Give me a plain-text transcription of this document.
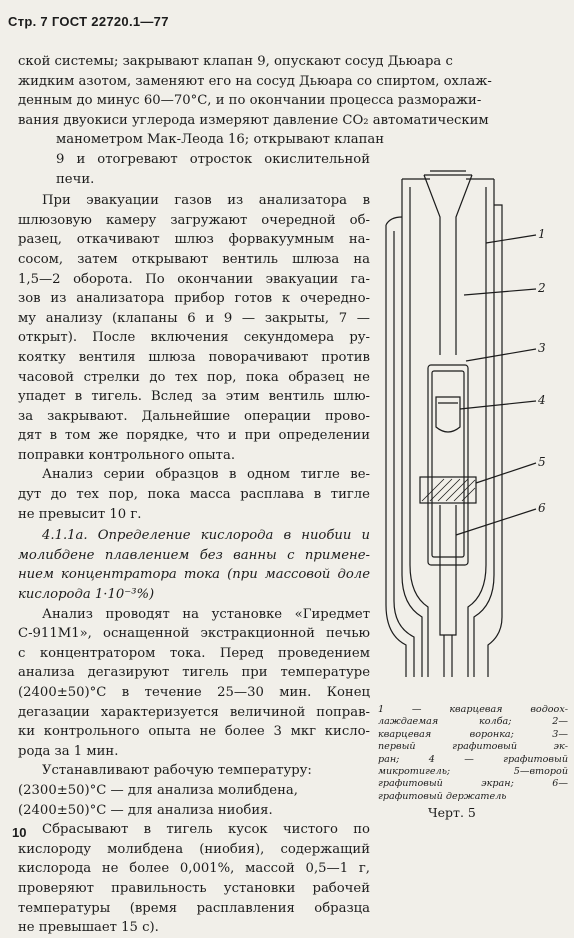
Стр. 7 ГОСТ 22720.1—77
ской системы; закрывают клапан 9, опускают сосуд Дьюара с
жидким азотом, заменяют его на сосуд Дьюара со спиртом, охлаж-
денным до минус 60—70°С, и по окончании процесса разморажи-
вания двуокиси углерода измеряют давление CO₂ автоматическим
манометром Мак-Леода 16; открывают клапан
9 и отогревают отросток окислительной
печи.
При эвакуации газов из анализатора в
шлюзовую камеру загружают очередной об-
разец, откачивают шлюз форвакуумным на-
сосом, затем открывают вентиль шлюза на
1,5—2 оборота. По окончании эвакуации га-
зов из анализатора прибор готов к очередно-
му анализу (клапаны 6 и 9 — закрыты, 7 —
открыт). После включения секундомера ру-
коятку вентиля шлюза поворачивают против
часовой стрелки до тех пор, пока образец не
упадет в тигель. Вслед за этим вентиль шлю-
за закрывают. Дальнейшие операции прово-
дят в том же порядке, что и при определении
поправки контрольного опыта.
Анализ серии образцов в одном тигле ве-
дут до тех пор, пока масса расплава в тигле
не превысит 10 г.
4.1.1а. Определение кислорода в ниобии и
молибдене плавлением без ванны с примене-
нием концентратора тока (при массовой доле
кислорода 1·10⁻³%)
Анализ проводят на установке «Гиредмет
С-911М1», оснащенной экстракционной печью
с концентратором тока. Перед проведением
анализа дегазируют тигель при температуре
(2400±50)°С в течение 25—30 мин. Конец
дегазации характеризуется величиной поправ-
ки контрольного опыта не более 3 мкг кисло-
рода за 1 мин.
Устанавливают рабочую температуру:
(2300±50)°С — для анализа молибдена,
(2400±50)°С — для анализа ниобия.
Сбрасывают в тигель кусок чистого по
кислороду молибдена (ниобия), содержащий
кислорода не более 0,001%, массой 0,5—1 г,
проверяют правильность установки рабочей
температуры (время расплавления образца
не превышает 15 с).
1
2
3
4
5
6
1 — кварцевая водоох-
лаждаемая колба; 2—
кварцевая воронка; 3—
первый графитовый эк-
ран; 4 — графитовый
микротигель; 5—второй
графитовый экран; 6—
графитовый держатель
Черт. 5
10
